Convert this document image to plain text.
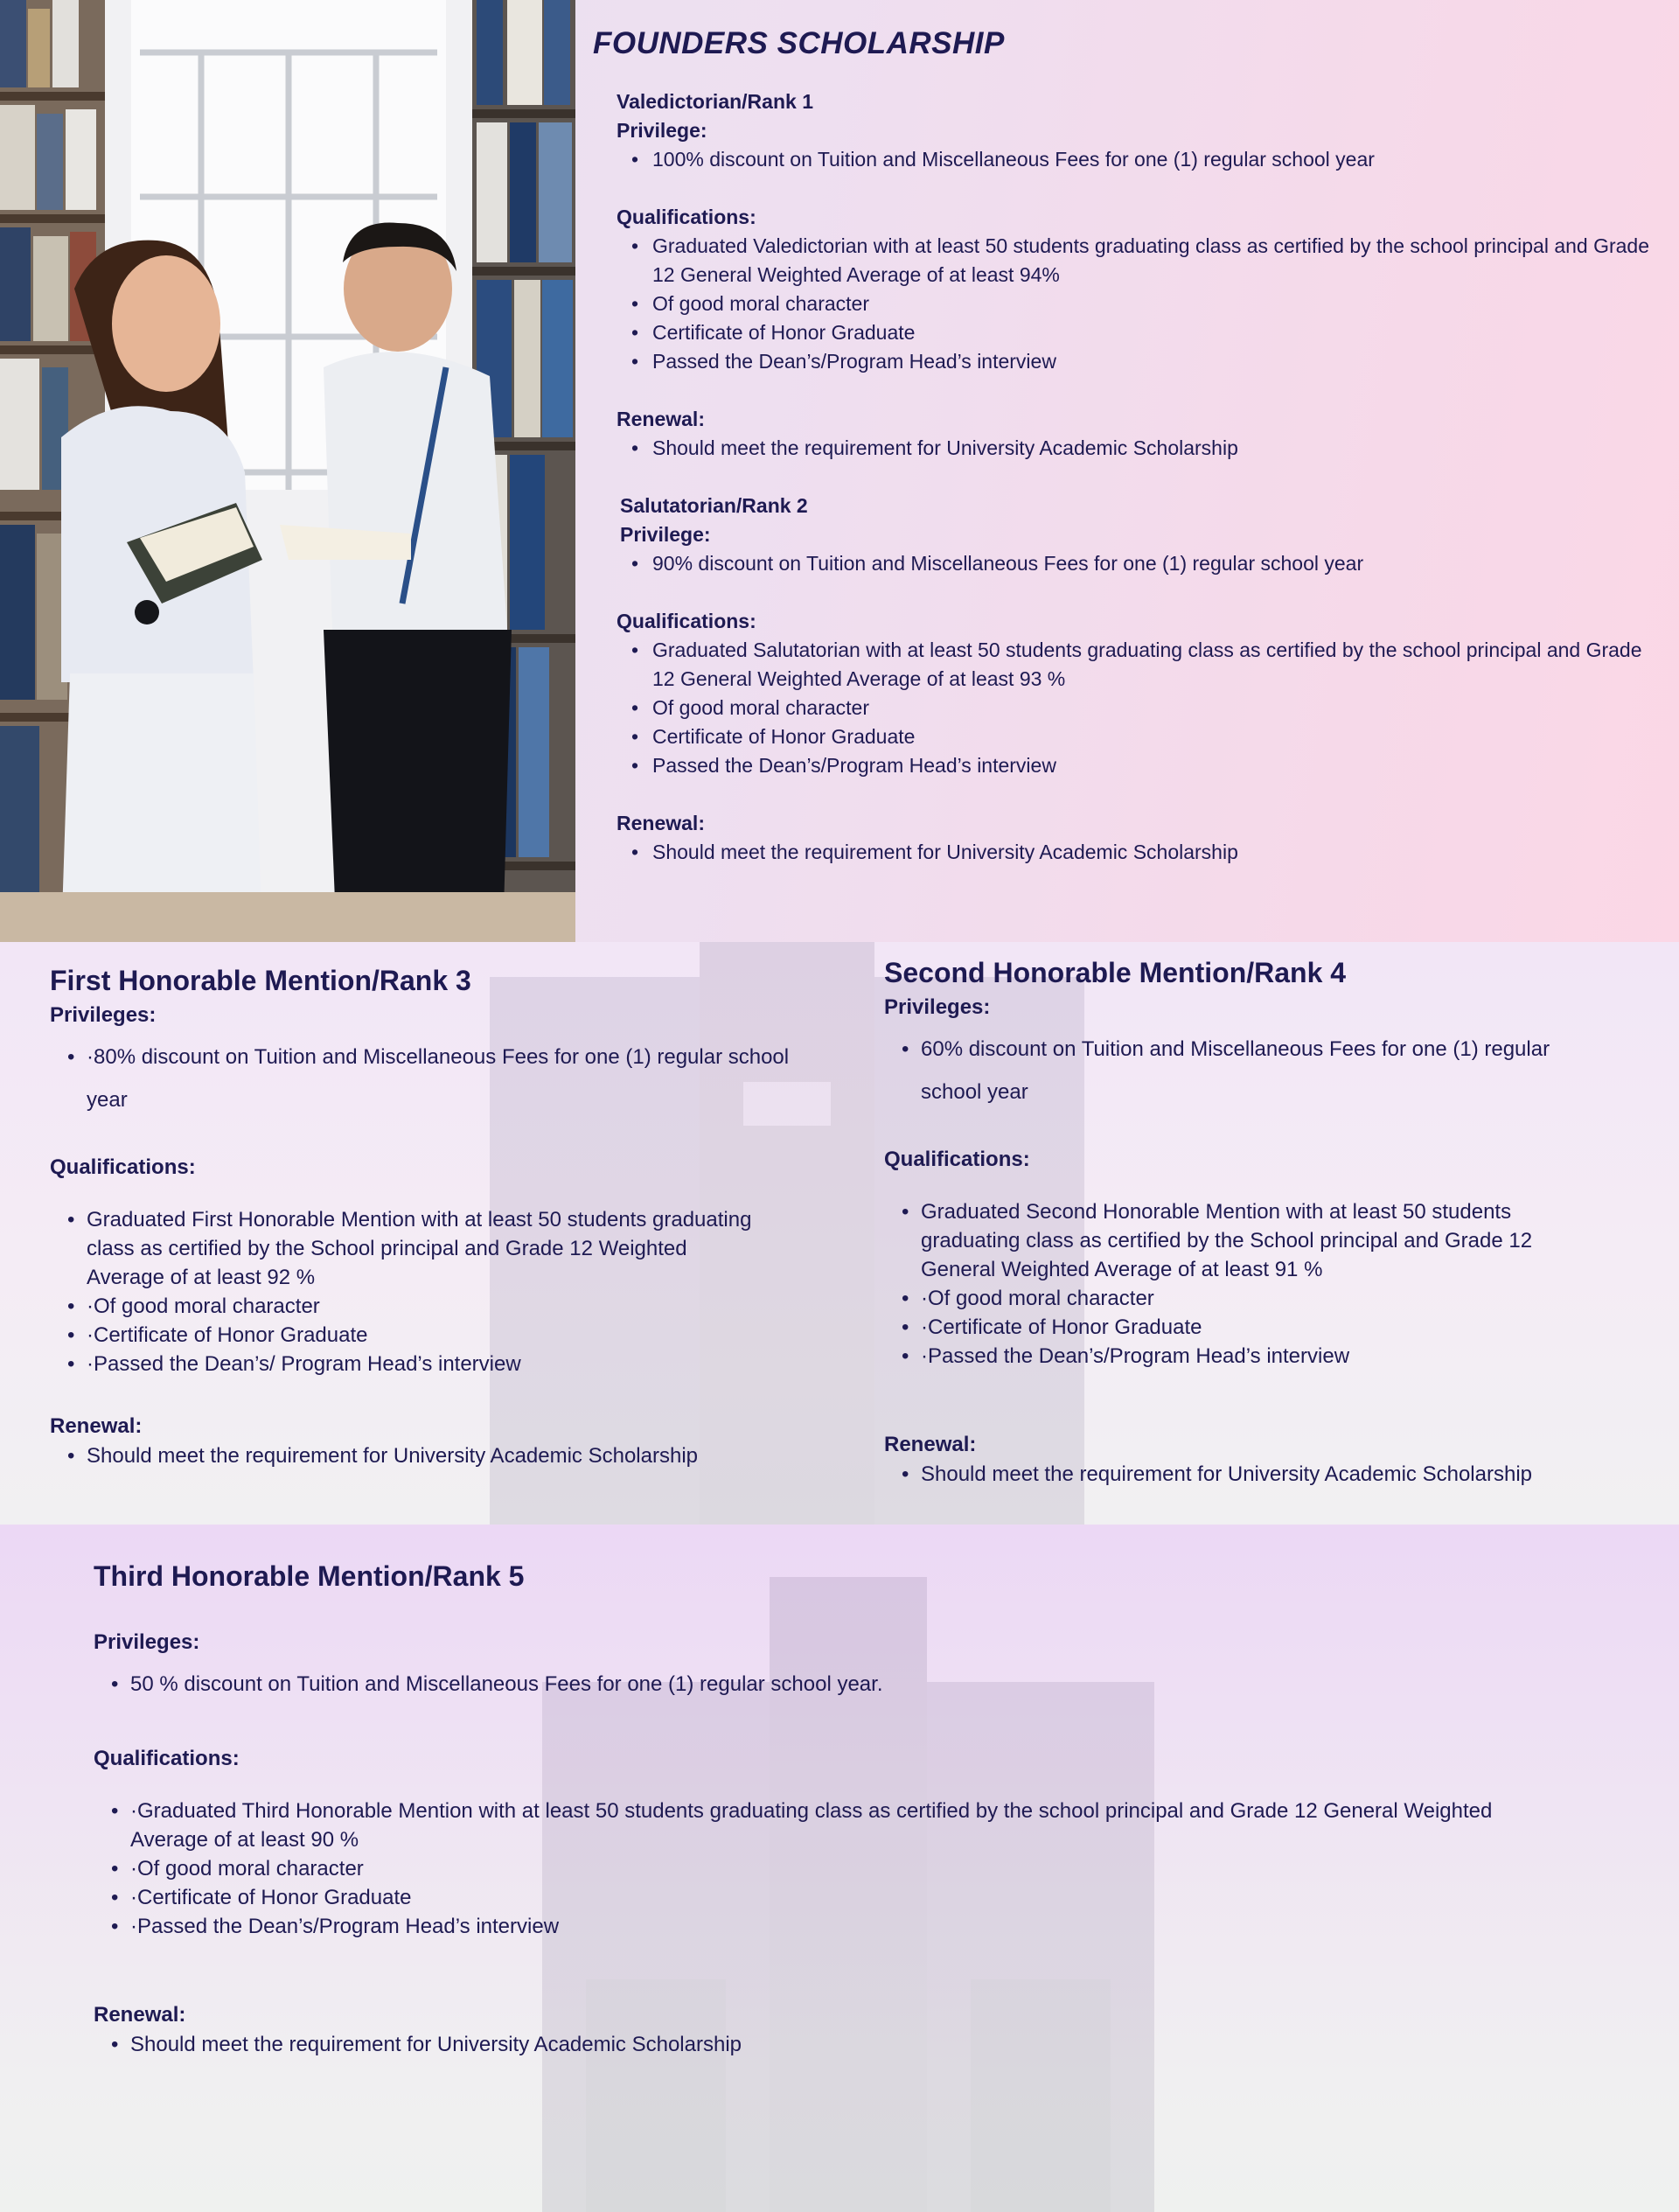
FOUNDERS SCHOLARSHIP
Valedictorian/Rank 1
Privilege:
• 100% discount on Tuition and Miscellaneous Fees for one (1) regular school year
Qualifications:
• Graduated Valedictorian with at least 50 students graduating class as certified by the school principal and Grade 12 General Weighted Average of at least 94%
• Of good moral character
• Certificate of Honor Graduate
• Passed the Dean’s/Program Head’s interview
Renewal:
• Should meet the requirement for University Academic Scholarship
Salutatorian/Rank 2
Privilege:
• 90% discount on Tuition and Miscellaneous Fees for one (1) regular school year
Qualifications:
• Graduated Salutatorian with at least 50 students graduating class as certified by the school principal and Grade 12 General Weighted Average of at least 93 %
• Of good moral character
• Certificate of Honor Graduate
• Passed the Dean’s/Program Head’s interview
Renewal:
• Should meet the requirement for University Academic Scholarship
First Honorable Mention/Rank 3
Privileges:
• ·80% discount on Tuition and Miscellaneous Fees for one (1) regular school year
Qualifications:
• Graduated First Honorable Mention with at least 50 students graduating class as certified by the School principal and Grade 12 Weighted Average of at least 92 %
• ·Of good moral character
• ·Certificate of Honor Graduate
• ·Passed the Dean’s/ Program Head’s interview
Renewal:
• Should meet the requirement for University Academic Scholarship
Second Honorable Mention/Rank 4
Privileges:
• 60% discount on Tuition and Miscellaneous Fees for one (1) regular school year
Qualifications:
• Graduated Second Honorable Mention with at least 50 students graduating class as certified by the School principal and Grade 12 General Weighted Average of at least 91 %
• ·Of good moral character
• ·Certificate of Honor Graduate
• ·Passed the Dean’s/Program Head’s interview
Renewal:
• Should meet the requirement for University Academic Scholarship
Third Honorable Mention/Rank 5
Privileges:
• 50 % discount on Tuition and Miscellaneous Fees for one (1) regular school year.
Qualifications:
• ·Graduated Third Honorable Mention with at least 50 students graduating class as certified by the school principal and Grade 12 General Weighted Average of at least 90 %
• ·Of good moral character
• ·Certificate of Honor Graduate
• ·Passed the Dean’s/Program Head’s interview
Renewal:
• Should meet the requirement for University Academic Scholarship
